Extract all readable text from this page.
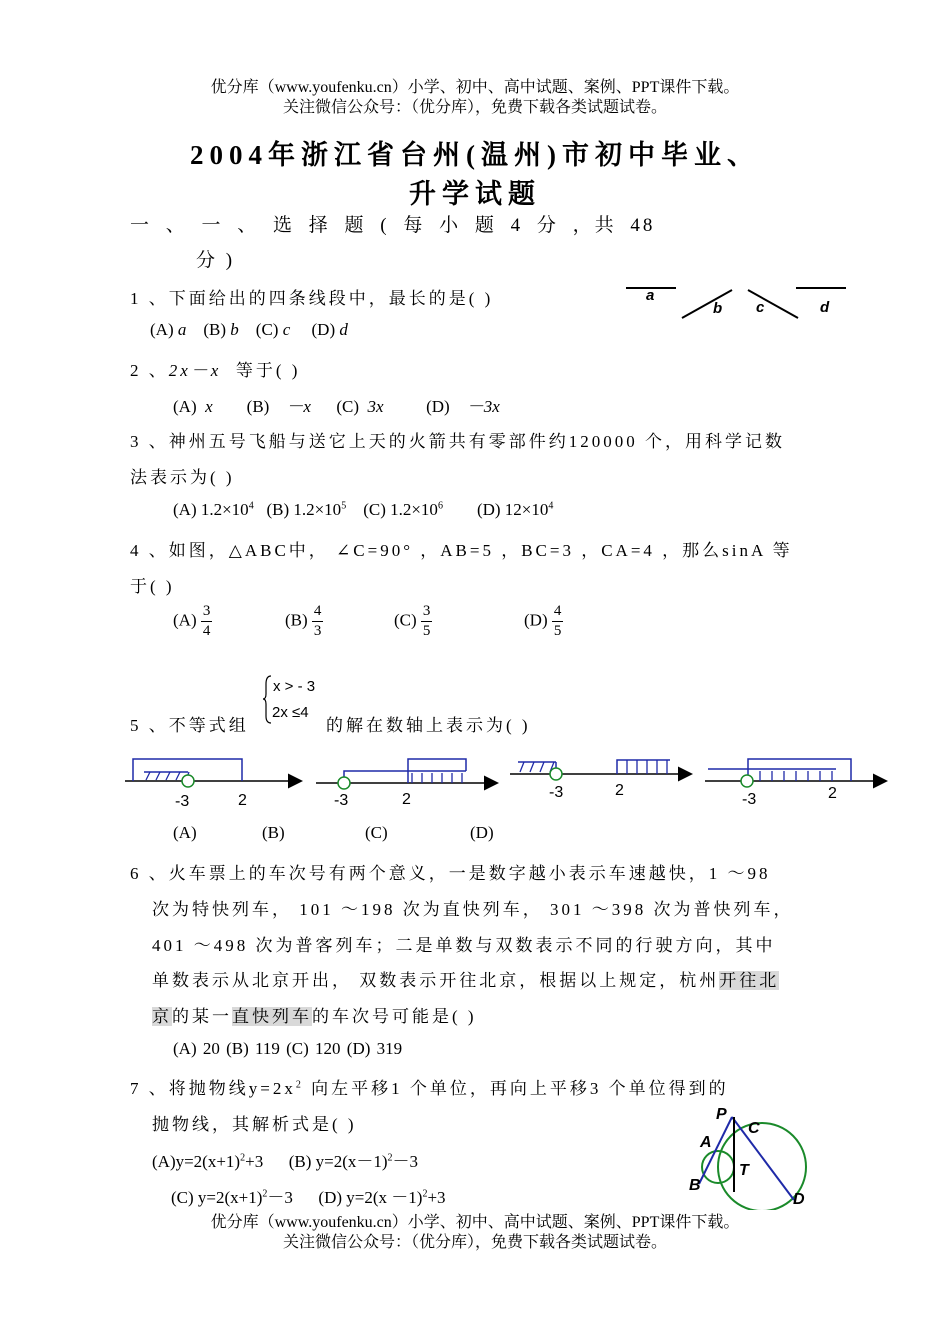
优分库（www.youfenku.cn）小学、初中、高中试题、案例、PPT课件下载。
关注微信公众号：（优分库），免费下载各类试题试卷。
2004年浙江省台州(温州)市初中毕业、
升学试题
一 、 一 、 选 择 题 ( 每 小 题 4 分 ，共 48
分 )
1 、下面给出的四条线段中，最长的是( )
(A) a (B) b (C) c (D) d
a
b c	d
2 、2x－x 等于( )
(A) x (B) －x (C) 3x	(D) －3x
3 、神州五号飞船与送它上天的火箭共有零部件约120000 个，用科学记数
法表示为( )
(A) $1.2\times 10^4$ (B) $1.2\times 10^5$ (C) $1.2\times 10^6$ (D) $12\times 10^4$
4 、如图，△ABC中， ∠C=90° ，AB=5 ，BC=3 ，CA=4 ，那么sinA 等
于( )
$(A) \frac{3}{4}$	$(B) \frac{4}{3}$	$(C) \frac{3}{5}$	$(D) \frac{4}{5}$
5 、不等式组
x > - 3
2x ≤4
的解在数轴上表示为( )
-3	2	-3	2	-3	2
-3	2
(A)	(B)	(C)	(D)
6 、火车票上的车次号有两个意义，一是数字越小表示车速越快，1 ～98
次为特快列车， 101 ～198 次为直快列车， 301 ～398 次为普快列车，
401 ～498 次为普客列车；二是单数与双数表示不同的行驶方向，其中
单数表示从北京开出， 双数表示开往北京，根据以上规定，杭州开往北
京的某一直快列车的车次号可能是( )
(A) 20 (B) 119 (C) 120 (D) 319
7 、将抛物线$y=2x^2$ 向左平移1 个单位，再向上平移3 个单位得到的
抛物线，其解析式是( )
$(A)y=2(x+1)^2+3$ (B) $y=2(x-1)^2-3$
(C) $y=2(x+1)^2-3$ (D) $y=2(x -1)^2+3$
P
C
A
T
B
D
优分库（www.youfenku.cn）小学、初中、高中试题、案例、PPT课件下载。
关注微信公众号：（优分库），免费下载各类试题试卷。
